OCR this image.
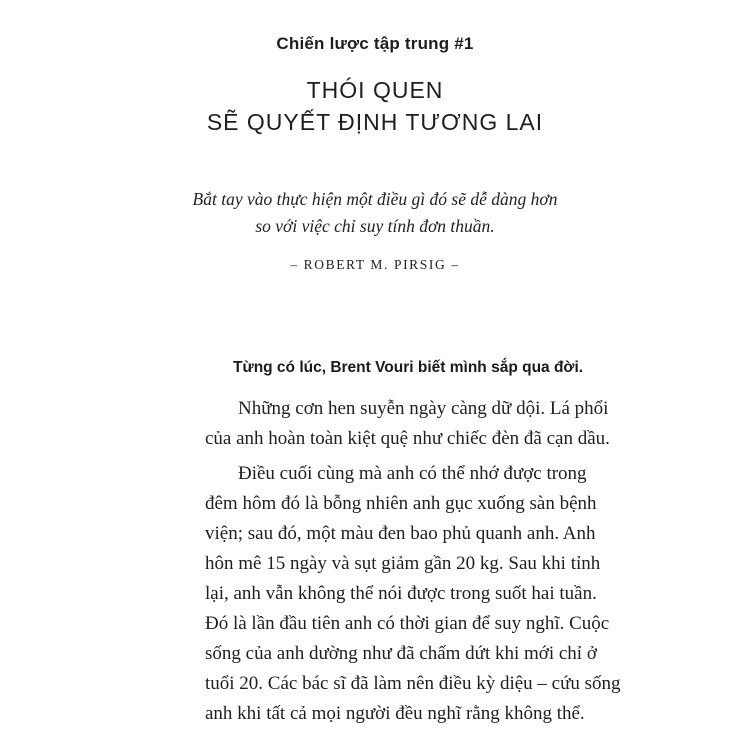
Chiến lược tập trung #1
THÓI QUEN
SẼ QUYẾT ĐỊNH TƯƠNG LAI
Bắt tay vào thực hiện một điều gì đó sẽ dễ dàng hơn
so với việc chỉ suy tính đơn thuần.
– ROBERT M. PIRSIG –
Từng có lúc, Brent Vouri biết mình sắp qua đời.
Những cơn hen suyễn ngày càng dữ dội. Lá phổi
của anh hoàn toàn kiệt quệ như chiếc đèn đã cạn dầu.
Điều cuối cùng mà anh có thể nhớ được trong
đêm hôm đó là bỗng nhiên anh gục xuống sàn bệnh
viện; sau đó, một màu đen bao phủ quanh anh. Anh
hôn mê 15 ngày và sụt giảm gần 20 kg. Sau khi tỉnh
lại, anh vẫn không thể nói được trong suốt hai tuần.
Đó là lần đầu tiên anh có thời gian để suy nghĩ. Cuộc
sống của anh dường như đã chấm dứt khi mới chỉ ở
tuổi 20. Các bác sĩ đã làm nên điều kỳ diệu – cứu sống
anh khi tất cả mọi người đều nghĩ rằng không thể.
